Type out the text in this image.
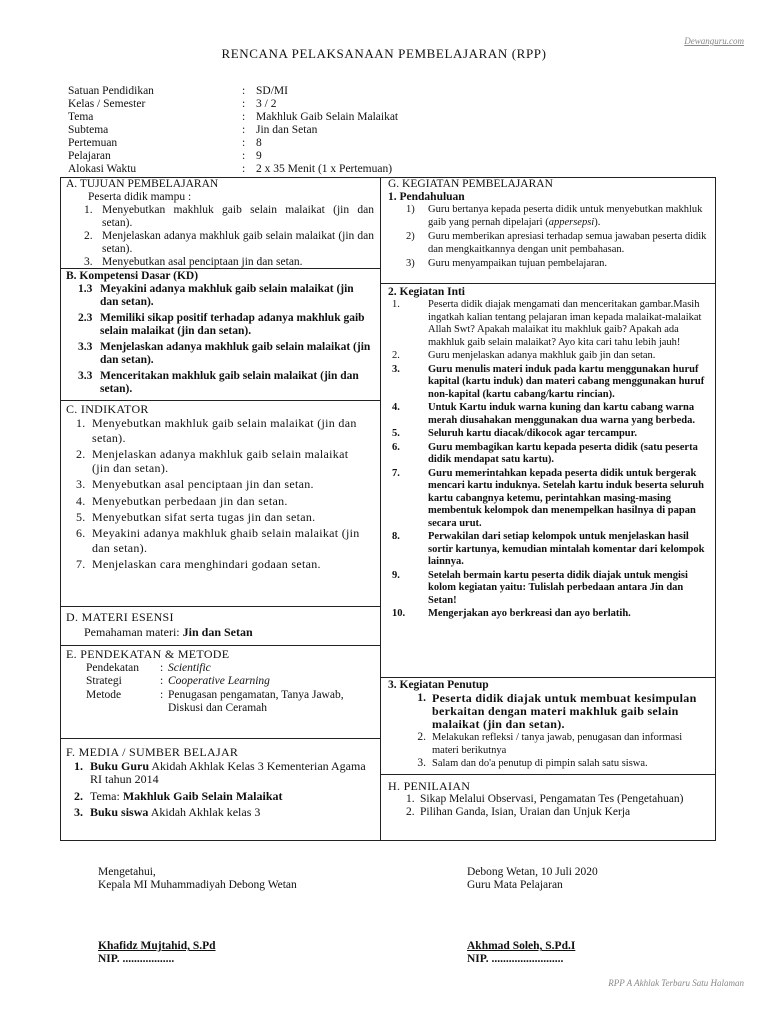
Dewanguru.com
RENCANA PELAKSANAAN PEMBELAJARAN (RPP)
Satuan Pendidikan	: SD/MI
Kelas / Semester	: 3 / 2
Tema	: Makhluk Gaib Selain Malaikat
Subtema	: Jin dan Setan
Pertemuan	: 8
Pelajaran	: 9
Alokasi Waktu	: 2 x 35 Menit (1 x Pertemuan)
A. TUJUAN PEMBELAJARAN
Peserta didik mampu :
1. Menyebutkan makhluk gaib selain malaikat (jin dan setan).
2. Menjelaskan adanya makhluk gaib selain malaikat (jin dan setan).
3. Menyebutkan asal penciptaan jin dan setan.
B. Kompetensi Dasar (KD)
1.3 Meyakini adanya makhluk gaib selain malaikat (jin dan setan).
2.3 Memiliki sikap positif terhadap adanya makhluk gaib selain malaikat (jin dan setan).
3.3 Menjelaskan adanya makhluk gaib selain malaikat (jin dan setan).
3.3 Menceritakan makhluk gaib selain malaikat (jin dan setan).
C. INDIKATOR
1. Menyebutkan makhluk gaib selain malaikat (jin dan setan).
2. Menjelaskan adanya makhluk gaib selain malaikat (jin dan setan).
3. Menyebutkan asal penciptaan jin dan setan.
4. Menyebutkan perbedaan jin dan setan.
5. Menyebutkan sifat serta tugas jin dan setan.
6. Meyakini adanya makhluk ghaib selain malaikat (jin dan setan).
7. Menjelaskan cara menghindari godaan setan.
D. MATERI ESENSI
Pemahaman materi: Jin dan Setan
E. PENDEKATAN & METODE
Pendekatan	: Scientific
Strategi	: Cooperative Learning
Metode	: Penugasan pengamatan, Tanya Jawab, Diskusi dan Ceramah
F. MEDIA / SUMBER BELAJAR
1. Buku Guru Akidah Akhlak Kelas 3 Kementerian Agama RI tahun 2014
2. Tema: Makhluk Gaib Selain Malaikat
3. Buku siswa Akidah Akhlak kelas 3
G. KEGIATAN PEMBELAJARAN
1. Pendahuluan
1)	Guru bertanya kepada peserta didik untuk menyebutkan makhluk gaib yang pernah dipelajari (appersepsi).
2)	Guru memberikan apresiasi terhadap semua jawaban peserta didik dan mengkaitkannya dengan unit pembahasan.
3)	Guru menyampaikan tujuan pembelajaran.
2. Kegiatan Inti
1.	Peserta didik diajak mengamati dan menceritakan gambar.Masih ingatkah kalian tentang pelajaran iman kepada malaikat-malaikat Allah Swt? Apakah malaikat itu makhluk gaib? Apakah ada makhluk gaib selain malaikat? Ayo kita cari tahu lebih jauh!
2.	Guru menjelaskan adanya makhluk gaib jin dan setan.
3.	Guru menulis materi induk pada kartu menggunakan huruf kapital (kartu induk) dan materi cabang menggunakan huruf non-kapital (kartu cabang/kartu rincian).
4.	Untuk Kartu induk warna kuning dan kartu cabang warna merah diusahakan menggunakan dua warna yang berbeda.
5.	Seluruh kartu diacak/dikocok agar tercampur.
6.	Guru membagikan kartu kepada peserta didik (satu peserta didik mendapat satu kartu).
7.	Guru memerintahkan kepada peserta didik untuk bergerak mencari kartu induknya. Setelah kartu induk beserta seluruh kartu cabangnya ketemu, perintahkan masing-masing membentuk kelompok dan menempelkan hasilnya di papan secara urut.
8.	Perwakilan dari setiap kelompok untuk menjelaskan hasil sortir kartunya, kemudian mintalah komentar dari kelompok lainnya.
9.	Setelah bermain kartu peserta didik diajak untuk mengisi kolom kegiatan yaitu: Tulislah perbedaan antara Jin dan Setan!
10.	Mengerjakan ayo berkreasi dan ayo berlatih.
3. Kegiatan Penutup
1. Peserta didik diajak untuk membuat kesimpulan berkaitan dengan materi makhluk gaib selain malaikat (jin dan setan).
2. Melakukan refleksi / tanya jawab, penugasan dan informasi materi berikutnya
3. Salam dan do'a penutup di pimpin salah satu siswa.
H. PENILAIAN
1. Sikap Melalui Observasi, Pengamatan Tes (Pengetahuan)
2. Pilihan Ganda, Isian, Uraian dan Unjuk Kerja
Mengetahui,
Kepala MI Muhammadiyah Debong Wetan
Khafidz Mujtahid, S.Pd
NIP. ..................
Debong Wetan, 10 Juli 2020
Guru Mata Pelajaran
Akhmad Soleh, S.Pd.I
NIP. .........................
RPP A Akhlak Terbaru Satu Halaman
